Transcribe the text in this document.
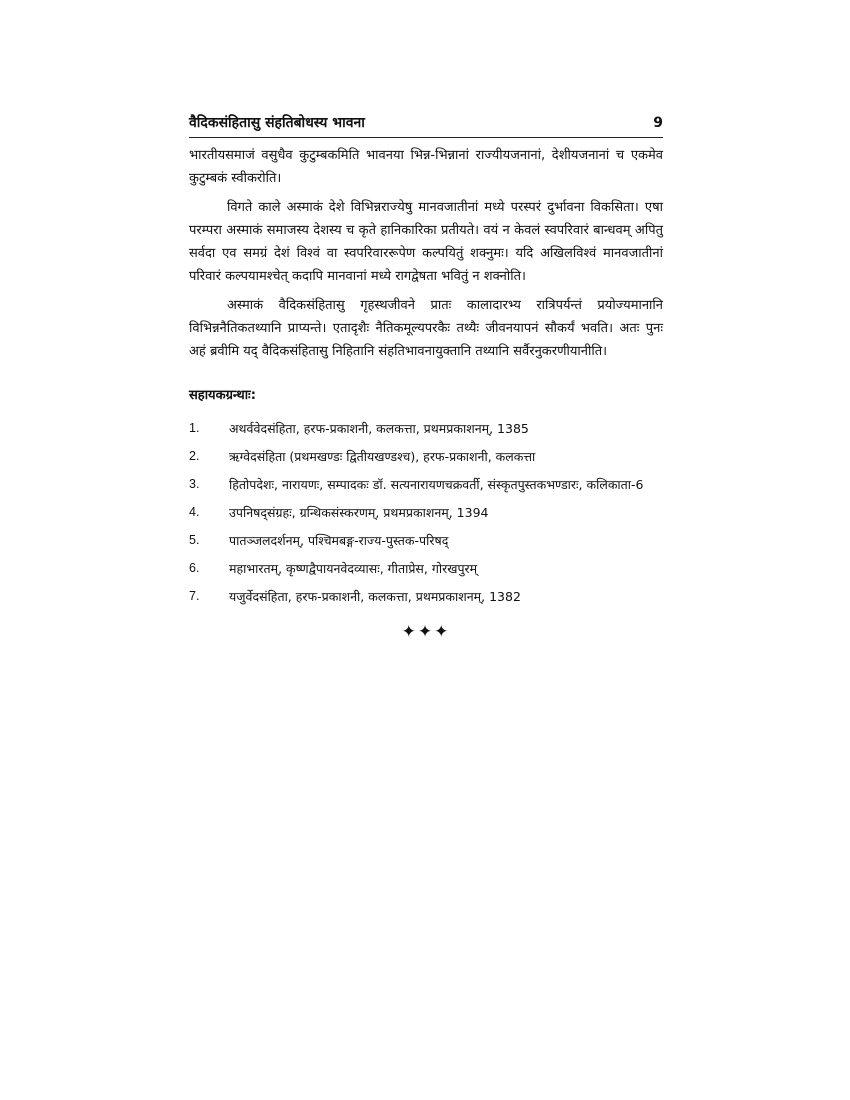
वैदिकसंहितासु संहतिबोधस्य भावना	9

भारतीयसमाजं वसुधैव कुटुम्बकमिति भावनया भिन्न-भिन्नानां राज्यीयजनानां, देशीयजनानां च एकमेव कुटुम्बकं स्वीकरोति।

विगते काले अस्माकं देशे विभिन्नराज्येषु मानवजातीनां मध्ये परस्परं दुर्भावना विकसिता। एषा परम्परा अस्माकं समाजस्य देशस्य च कृते हानिकारिका प्रतीयते। वयं न केवलं स्वपरिवारं बान्धवम् अपितु सर्वदा एव समग्रं देशं विश्वं वा स्वपरिवाररूपेण कल्पयितुं शक्नुमः। यदि अखिलविश्वं मानवजातीनां परिवारं कल्पयामश्चेत् कदापि मानवानां मध्ये रागद्वेषता भवितुं न शक्नोति।

अस्माकं वैदिकसंहितासु गृहस्थजीवने प्रातः कालादारभ्य रात्रिपर्यन्तं प्रयोज्यमानानि विभिन्ननैतिकतथ्यानि प्राप्यन्ते। एतादृशैः नैतिकमूल्यपरकैः तथ्यैः जीवनयापनं सौकर्यं भवति। अतः पुनः अहं ब्रवीमि यद् वैदिकसंहितासु निहितानि संहतिभावनायुक्तानि तथ्यानि सर्वैरनुकरणीयानीति।

सहायकग्रन्थाः:
1.	अथर्ववेदसंहिता, हरफ-प्रकाशनी, कलकत्ता, प्रथमप्रकाशनम्, 1385
2.	ऋग्वेदसंहिता (प्रथमखण्डः द्वितीयखण्डश्च), हरफ-प्रकाशनी, कलकत्ता
3.	हितोपदेशः, नारायणः, सम्पादकः डॉ. सत्यनारायणचक्रवर्ती, संस्कृतपुस्तकभण्डारः, कलिकाता-6
4.	उपनिषद्संग्रहः, ग्रन्थिकसंस्करणम्, प्रथमप्रकाशनम्, 1394
5.	पातञ्जलदर्शनम्, पश्चिमबङ्ग-राज्य-पुस्तक-परिषद्
6.	महाभारतम्, कृष्णद्वैपायनवेदव्यासः, गीताप्रेस, गोरखपुरम्
7.	यजुर्वेदसंहिता, हरफ-प्रकाशनी, कलकत्ता, प्रथमप्रकाशनम्, 1382
✦✦✦
